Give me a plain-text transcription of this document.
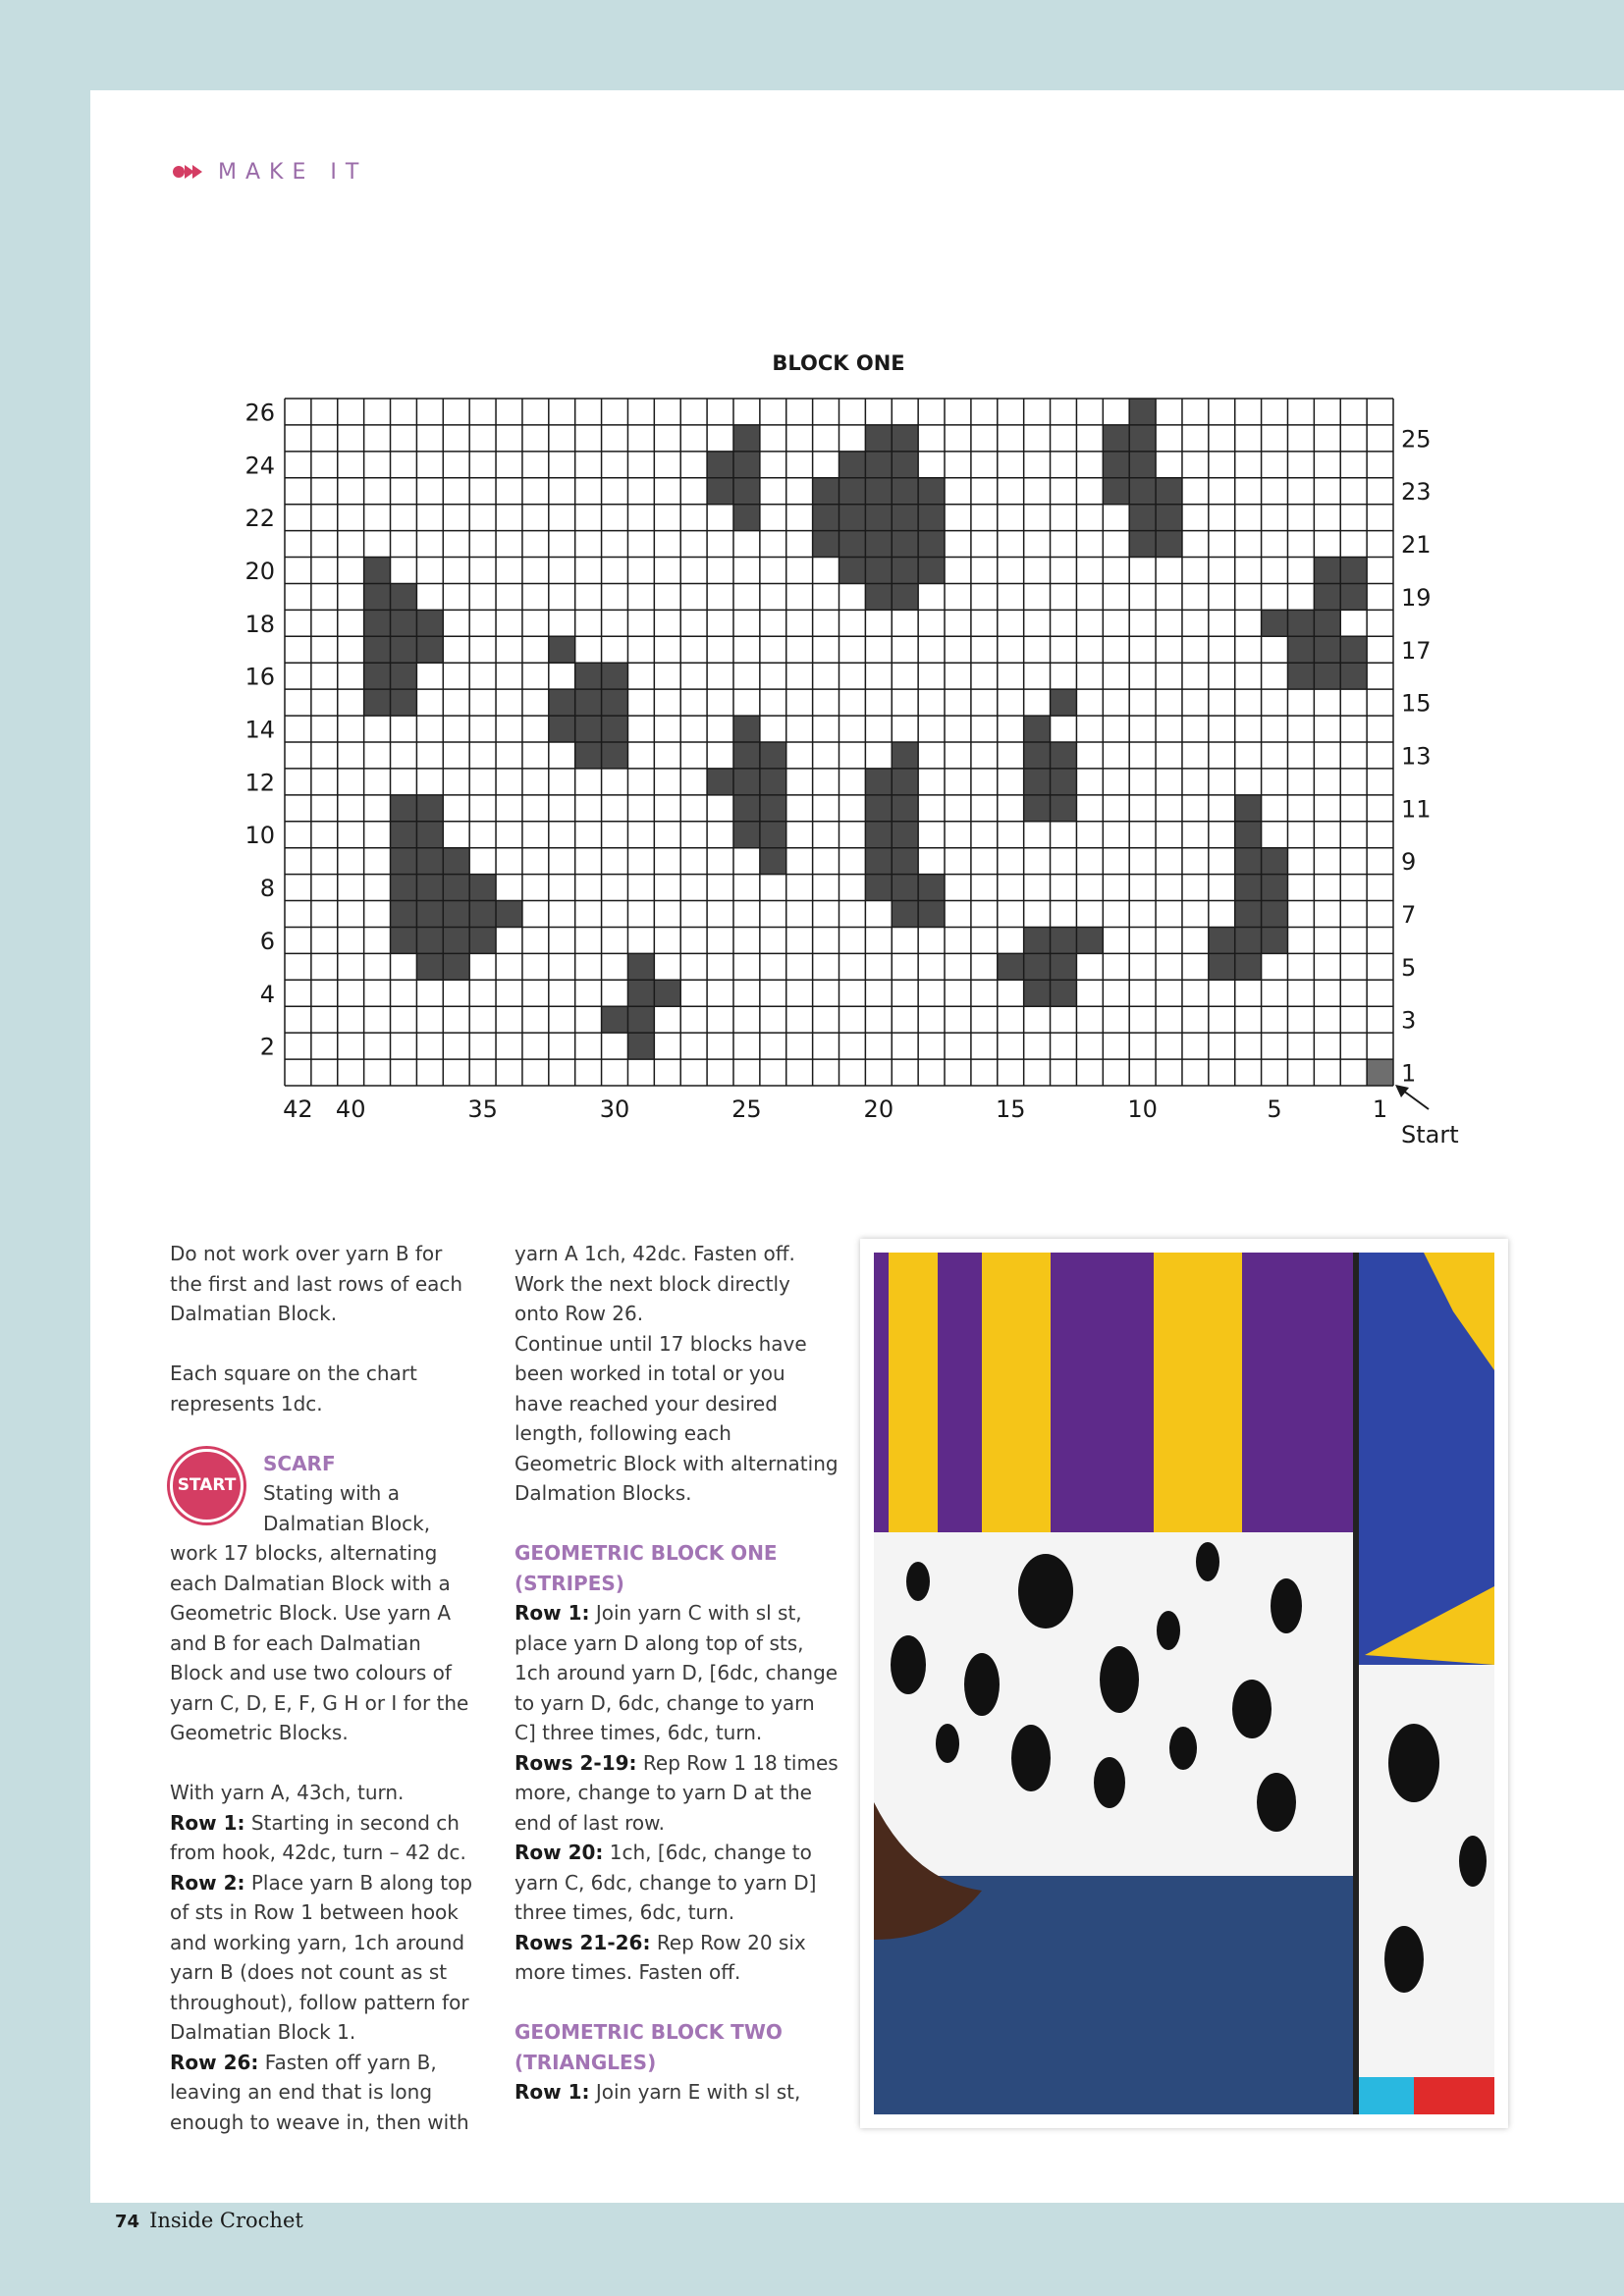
MAKE IT
BLOCK ONE
26
24
22
20
18
16
14
12
10
8
6
4
2
25
23
21
19
17
15
13
11
9
7
5
3
1
42 40	35	30	25	20	15	10	5	1
Start

Do not work over yarn B for the first and last rows of each Dalmatian Block.

Each square on the chart represents 1dc.

START
SCARF

Stating with a Dalmatian Block, work 17 blocks, alternating each Dalmatian Block with a Geometric Block. Use yarn A and B for each Dalmatian Block and use two colours of yarn C, D, E, F, G H or I for the Geometric Blocks.

With yarn A, 43ch, turn.

Row 1: Starting in second ch from hook, 42dc, turn – 42 dc.

Row 2: Place yarn B along top of sts in Row 1 between hook and working yarn, 1ch around yarn B (does not count as st throughout), follow pattern for Dalmatian Block 1.

Row 26: Fasten off yarn B, leaving an end that is long enough to weave in, then with

yarn A 1ch, 42dc. Fasten off. Work the next block directly onto Row 26.

Continue until 17 blocks have been worked in total or you have reached your desired length, following each Geometric Block with alternating Dalmation Blocks.

GEOMETRIC BLOCK ONE (STRIPES)

Row 1: Join yarn C with sl st, place yarn D along top of sts, 1ch around yarn D, [6dc, change to yarn D, 6dc, change to yarn C] three times, 6dc, turn.

Rows 2-19: Rep Row 1 18 times more, change to yarn D at the end of last row.

Row 20: 1ch, [6dc, change to yarn C, 6dc, change to yarn D] three times, 6dc, turn.

Rows 21-26: Rep Row 20 six more times. Fasten off.

GEOMETRIC BLOCK TWO (TRIANGLES)

Row 1: Join yarn E with sl st,

74 Inside Crochet
